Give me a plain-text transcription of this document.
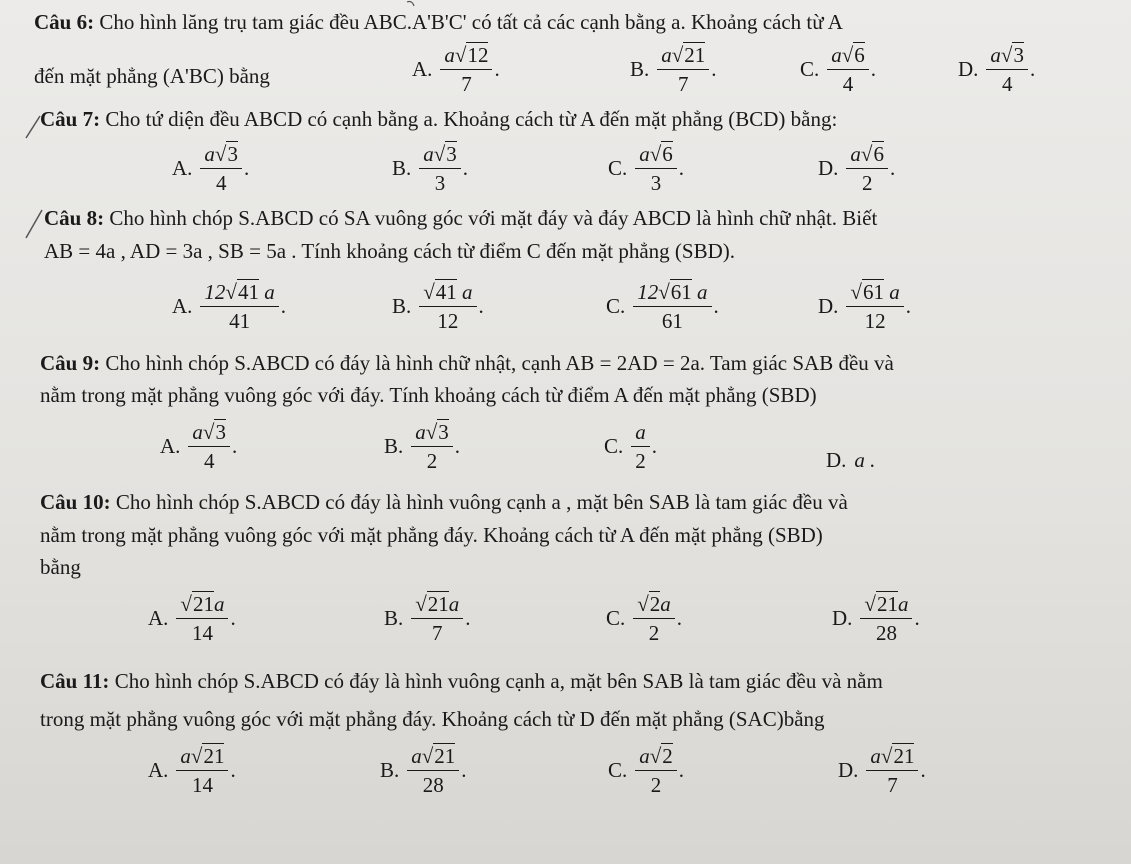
Câu 6: Cho hình lăng trụ tam giác đều ABC.A'B'C' có tất cả các cạnh bằng a. Khoảng cách từ A
đến mặt phẳng (A'BC) bằng	A. $\frac{a√12}{7}$ .	B. $\frac{a√21}{7}$ .	C. $\frac{a√6}{4}$ .	D. $\frac{a√3}{4}$ .
Câu 7: Cho tứ diện đều ABCD có cạnh bằng a. Khoảng cách từ A đến mặt phẳng (BCD) bằng:
A. $\frac{a√3}{4}$ .	B. $\frac{a√3}{3}$ .	C. $\frac{a√6}{3}$ .	D. $\frac{a√6}{2}$ .
Câu 8: Cho hình chóp S.ABCD có SA vuông góc với mặt đáy và đáy ABCD là hình chữ nhật. Biết
AB = 4a , AD = 3a , SB = 5a . Tính khoảng cách từ điểm C đến mặt phẳng (SBD).
A. $\frac{12√41 a}{41}$ .	B. $\frac{√41 a}{12}$ .	C. $\frac{12√61 a}{61}$ .	D. $\frac{√61 a}{12}$ .
Câu 9: Cho hình chóp S.ABCD có đáy là hình chữ nhật, cạnh AB = 2AD = 2a. Tam giác SAB đều và
nằm trong mặt phẳng vuông góc với đáy. Tính khoảng cách từ điểm A đến mặt phẳng (SBD)
A. $\frac{a√3}{4}$ .	B. $\frac{a√3}{2}$ .	C. $\frac{a}{2}$ .
D. a .
Câu 10: Cho hình chóp S.ABCD có đáy là hình vuông cạnh a , mặt bên SAB là tam giác đều và
nằm trong mặt phẳng vuông góc với mặt phẳng đáy. Khoảng cách từ A đến mặt phẳng (SBD)
bằng
A. $\frac{√21a}{14}$ .	B. $\frac{√21a}{7}$ .	C. $\frac{√2a}{2}$ .	D. $\frac{√21a}{28}$ .
Câu 11: Cho hình chóp S.ABCD có đáy là hình vuông cạnh a, mặt bên SAB là tam giác đều và nằm
trong mặt phẳng vuông góc với mặt phẳng đáy. Khoảng cách từ D đến mặt phẳng (SAC)bằng
A. $\frac{a√21}{14}$ .	B. $\frac{a√21}{28}$ .	C. $\frac{a√2}{2}$ .	D. $\frac{a√21}{7}$ .
